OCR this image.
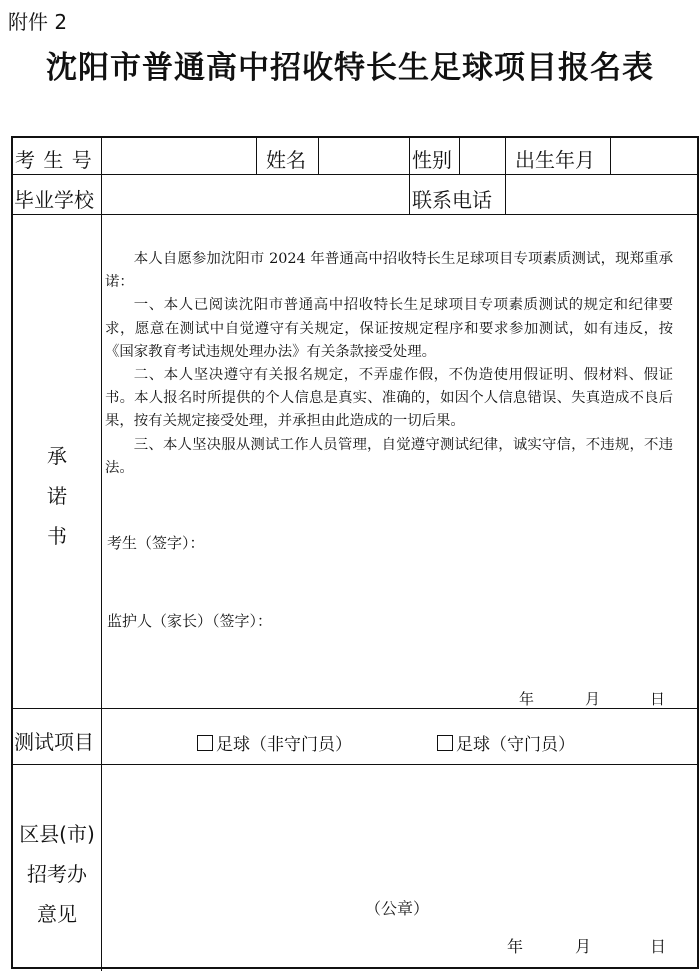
附件 2
沈阳市普通高中招收特长生足球项目报名表
考 生 号	姓名	性别	出生年月
毕业学校	联系电话
承
诺
书

本人自愿参加沈阳市 2024 年普通高中招收特长生足球项目专项素质测试，现郑重承诺：

一、本人已阅读沈阳市普通高中招收特长生足球项目专项素质测试的规定和纪律要求，愿意在测试中自觉遵守有关规定，保证按规定程序和要求参加测试，如有违反，按《国家教育考试违规处理办法》有关条款接受处理。

二、本人坚决遵守有关报名规定，不弄虚作假，不伪造使用假证明、假材料、假证书。本人报名时所提供的个人信息是真实、准确的，如因个人信息错误、失真造成不良后果，按有关规定接受处理，并承担由此造成的一切后果。

三、本人坚决服从测试工作人员管理，自觉遵守测试纪律，诚实守信，不违规，不违法。

考生（签字）：
监护人（家长）（签字）：
年	月	日
测试项目	足球（非守门员）	足球（守门员）
区县(市)
招考办
意见	（公章）
年	月	日
